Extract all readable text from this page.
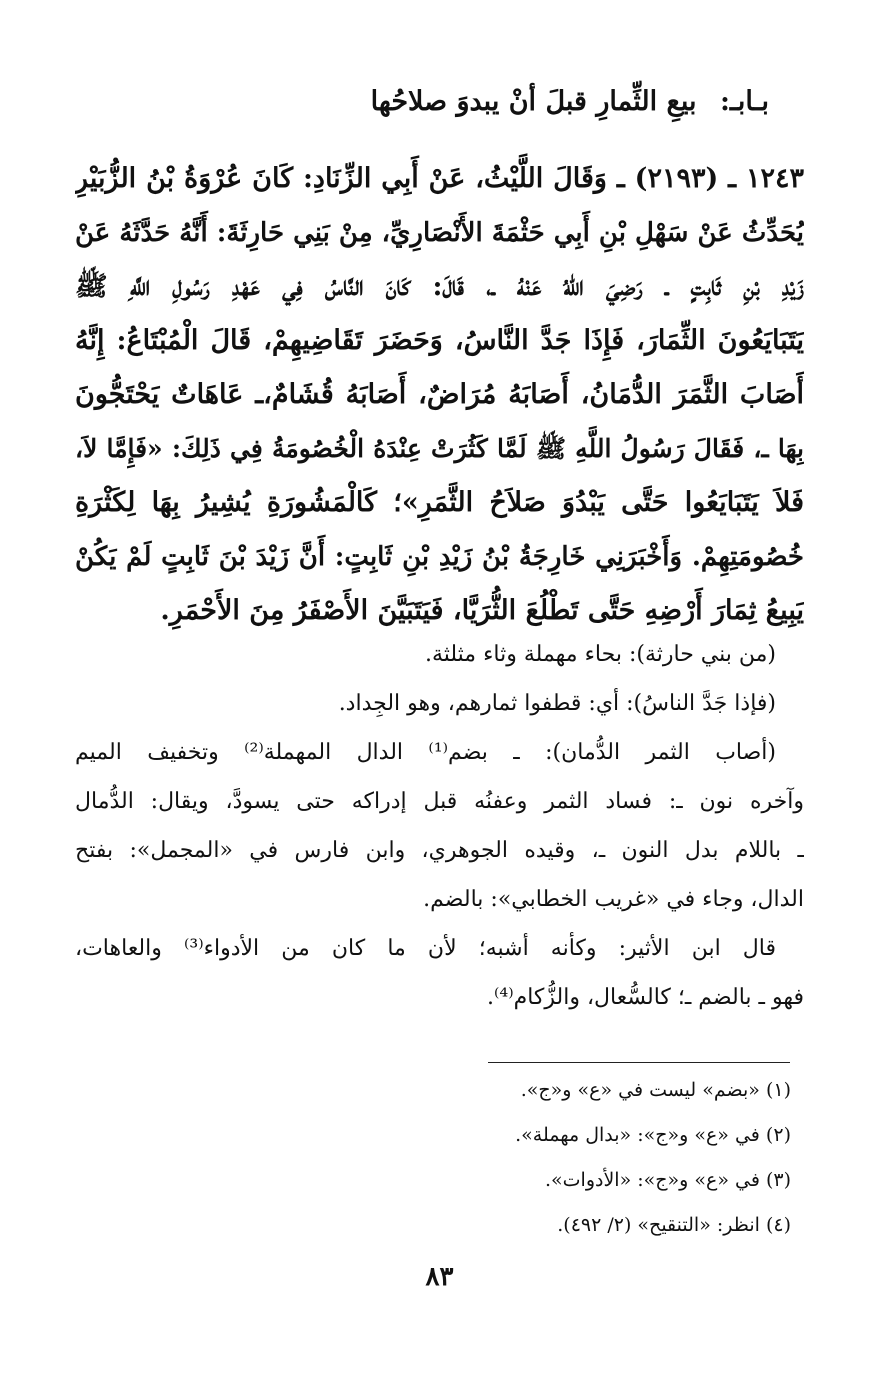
بـابـ: بيعِ الثِّمارِ قبلَ أنْ يبدوَ صلاحُها
١٢٤٣ ـ (٢١٩٣) ـ وَقَالَ اللَّيْثُ، عَنْ أَبِي الزِّنَادِ: كَانَ عُرْوَةُ بْنُ الزُّبَيْرِ
يُحَدِّثُ عَنْ سَهْلِ بْنِ أَبِي حَثْمَةَ الأَنْصَارِيِّ، مِنْ بَنِي حَارِثَةَ: أَنَّهُ حَدَّثَهُ عَنْ
زَيْدِ بْنِ ثَابِتٍ ـ رَضِيَ اللهُ عَنْهُ ـ، قَالَ: كَانَ النَّاسُ فِي عَهْدِ رَسُولِ اللَّهِ ﷺ
يَتَبَايَعُونَ الثِّمَارَ، فَإِذَا جَدَّ النَّاسُ، وَحَضَرَ تَقَاضِيهِمْ، قَالَ الْمُبْتَاعُ: إِنَّهُ
أَصَابَ الثَّمَرَ الدُّمَانُ، أَصَابَهُ مُرَاضٌ، أَصَابَهُ قُشَامٌ،ـ عَاهَاتٌ يَحْتَجُّونَ
بِهَا ـ، فَقَالَ رَسُولُ اللَّهِ ﷺ لَمَّا كَثُرَتْ عِنْدَهُ الْخُصُومَةُ فِي ذَلِكَ: «فَإِمَّا لاَ،
فَلاَ يَتَبَايَعُوا حَتَّى يَبْدُوَ صَلاَحُ الثَّمَرِ»؛ كَالْمَشُورَةِ يُشِيرُ بِهَا لِكَثْرَةِ
خُصُومَتِهِمْ. وَأَخْبَرَنِي خَارِجَةُ بْنُ زَيْدِ بْنِ ثَابِتٍ: أَنَّ زَيْدَ بْنَ ثَابِتٍ لَمْ يَكُنْ
يَبِيعُ ثِمَارَ أَرْضِهِ حَتَّى تَطْلُعَ الثُّرَيَّا، فَيَتَبَيَّنَ الأَصْفَرُ مِنَ الأَحْمَرِ.
(من بني حارثة): بحاء مهملة وثاء مثلثة.
(فإذا جَدَّ الناسُ): أي: قطفوا ثمارهم، وهو الجِداد.
(أصاب الثمر الدُّمان): ـ بضم⁽¹⁾ الدال المهملة⁽²⁾ وتخفيف الميم
وآخره نون ـ: فساد الثمر وعفنُه قبل إدراكه حتى يسودَّ، ويقال: الدُّمال
ـ باللام بدل النون ـ، وقيده الجوهري، وابن فارس في «المجمل»: بفتح
الدال، وجاء في «غريب الخطابي»: بالضم.
قال ابن الأثير: وكأنه أشبه؛ لأن ما كان من الأدواء⁽³⁾ والعاهات،
فهو ـ بالضم ـ؛ كالسُّعال، والزُّكام⁽⁴⁾.
(١) «بضم» ليست في «ع» و«ج».
(٢) في «ع» و«ج»: «بدال مهملة».
(٣) في «ع» و«ج»: «الأدوات».
(٤) انظر: «التنقيح» (٢/ ٤٩٢).
٨٣
